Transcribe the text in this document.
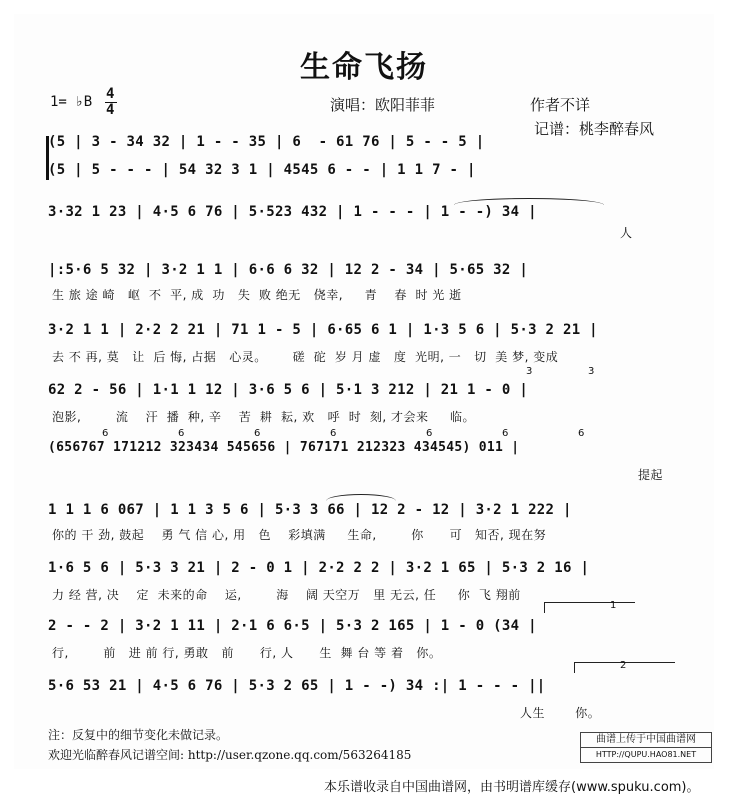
生命飞扬
1= ♭B 4
4	演唱：欧阳菲菲	作者不详
记谱：桃李醉春风
(5 | 3 - 34 32 | 1 - - 35 | 6  - 61 76 | 5 - - 5 |
(5 | 5 - - - | 54 32 3 1 | 4545 6 - - | 1 1 7 - |
3·32 1 23 | 4·5 6 76 | 5·523 432 | 1 - - - | 1 - -) 34 |
人
|:5·6 5 32 | 3·2 1 1 | 6·6 6 32 | 12 2 - 34 | 5·65 32 |
生 旅 途 崎   岖  不  平, 成  功   失  败 绝无   侥幸,     青    春  时 光 逝
3·2 1 1 | 2·2 2 21 | 71 1 - 5 | 6·65 6 1 | 1·3 5 6 | 5·3 2 21 |
去 不 再, 莫   让  后 悔, 占据   心灵。      磋  砣  岁 月 虚   度  光明, 一   切  美 梦, 变成
62 2 - 56 | 1·1 1 12 | 3·6 5 6 | 5·1 3 212 | 21 1 - 0 |
泡影,        流    汗  播  种, 辛    苦  耕  耘, 欢   呼  时  刻, 才会来     临。
3	3
(656767 171212 323434 545656 | 767171 212323 434545) 011 |
提起
6	6	6	6	6	6	6
1 1 1 6 067 | 1 1 3 5 6 | 5·3 3 66 | 12 2 - 12 | 3·2 1 222 |
你的 干 劲, 鼓起    勇 气 信 心, 用   色    彩填满     生命,        你      可   知否, 现在努
1·6 5 6 | 5·3 3 21 | 2 - 0 1 | 2·2 2 2 | 3·2 1 65 | 5·3 2 16 |
力 经 营, 决    定  未来的命    运,        海    阔 天空万   里 无云, 任     你  飞 翔前
2 - - 2 | 3·2 1 11 | 2·1 6 6·5 | 5·3 2 165 | 1 - 0 (34 |
行,        前   进 前 行, 勇敢   前      行, 人      生  舞 台 等 着   你。
1
5·6 53 21 | 4·5 6 76 | 5·3 2 65 | 1 - -) 34 :| 1 - - - ||
人生       你。
2
注：反复中的细节变化未做记录。
欢迎光临醉春风记谱空间: http://user.qzone.qq.com/563264185
曲谱上传于中国曲谱网
HTTP://QUPU.HAO81.NET
本乐谱收录自中国曲谱网，由书明谱库缓存(www.spuku.com)。
